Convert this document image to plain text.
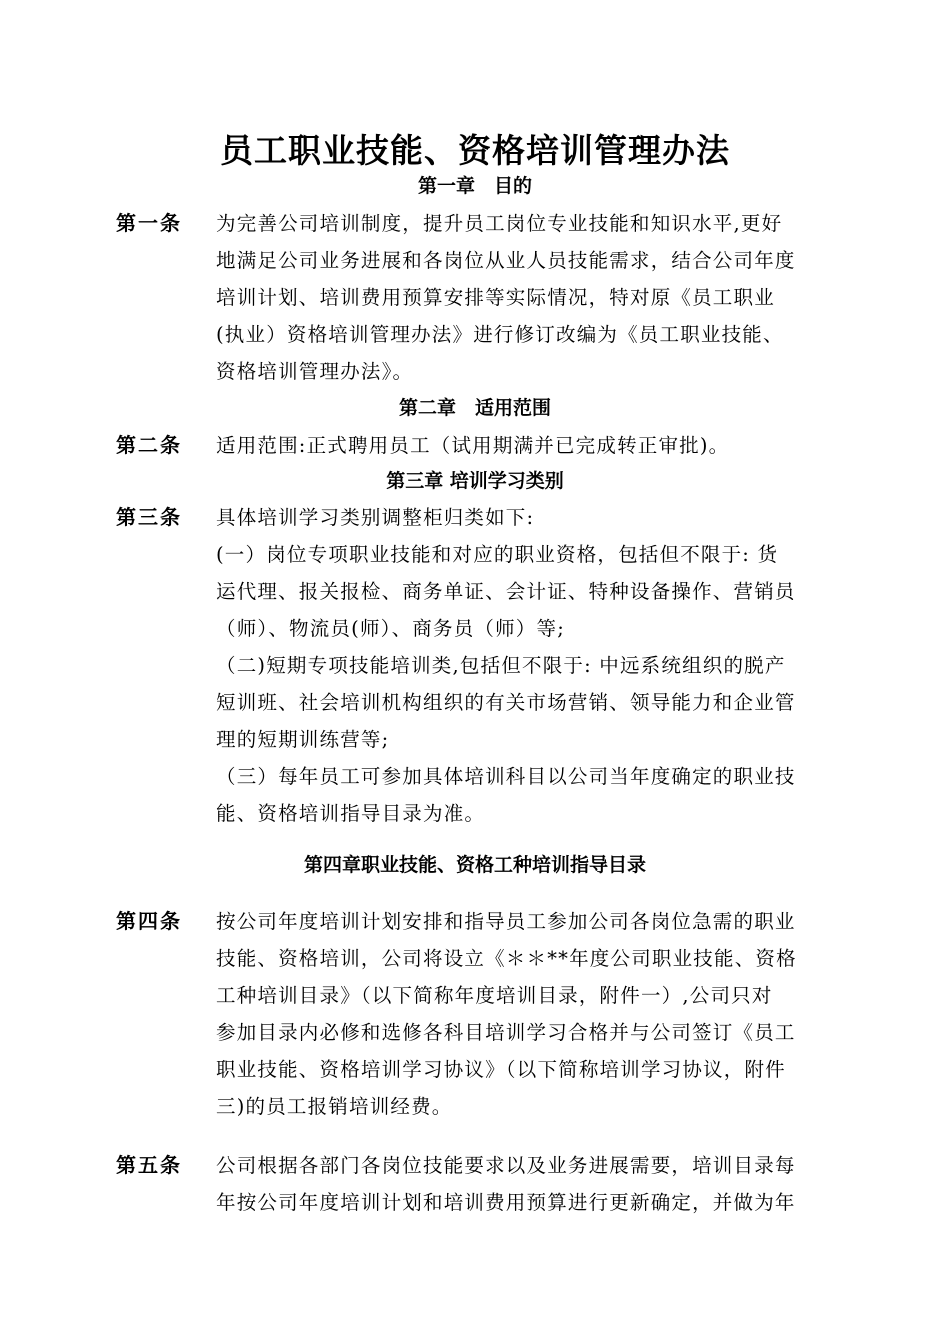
员工职业技能、资格培训管理办法
第一章　目的
第一条	为完善公司培训制度，提升员工岗位专业技能和知识水平,更好
地满足公司业务进展和各岗位从业人员技能需求，结合公司年度
培训计划、培训费用预算安排等实际情况，特对原《员工职业
(执业）资格培训管理办法》进行修订改编为《员工职业技能、
资格培训管理办法》。
第二章　适用范围
第二条	适用范围:正式聘用员工（试用期满并已完成转正审批)。
第三章 培训学习类别
第三条	具体培训学习类别调整柜归类如下:
(一）岗位专项职业技能和对应的职业资格，包括但不限于: 货
运代理、报关报检、商务单证、会计证、特种设备操作、营销员
（师）、物流员(师）、商务员（师）等;
（二)短期专项技能培训类,包括但不限于: 中远系统组织的脱产
短训班、社会培训机构组织的有关市场营销、领导能力和企业管
理的短期训练营等;
（三）每年员工可参加具体培训科目以公司当年度确定的职业技
能、资格培训指导目录为准。
第四章职业技能、资格工种培训指导目录
第四条	按公司年度培训计划安排和指导员工参加公司各岗位急需的职业
技能、资格培训，公司将设立《＊＊**年度公司职业技能、资格
工种培训目录》（以下简称年度培训目录，附件一）,公司只对
参加目录内必修和选修各科目培训学习合格并与公司签订《员工
职业技能、资格培训学习协议》（以下简称培训学习协议，附件
三)的员工报销培训经费。
第五条	公司根据各部门各岗位技能要求以及业务进展需要，培训目录每
年按公司年度培训计划和培训费用预算进行更新确定，并做为年
